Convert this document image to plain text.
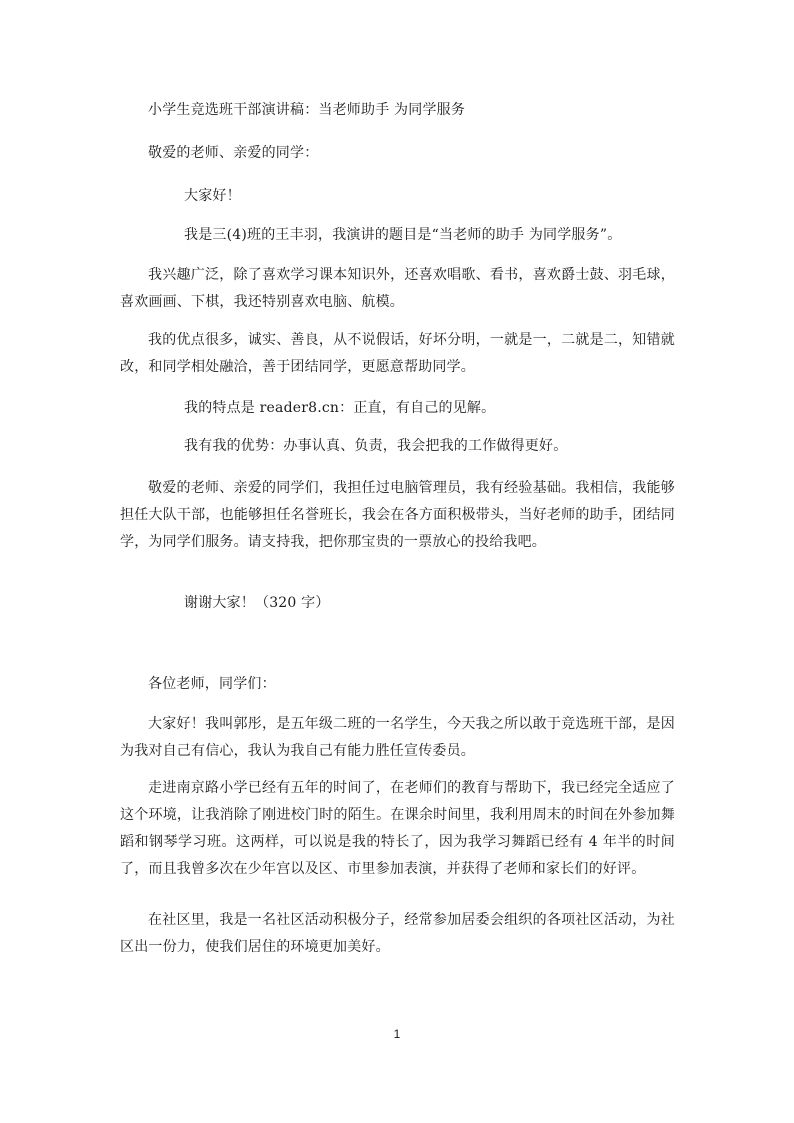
小学生竞选班干部演讲稿：当老师助手 为同学服务
敬爱的老师、亲爱的同学：
大家好！
我是三(4)班的王丰羽，我演讲的题目是“当老师的助手 为同学服务”。
我兴趣广泛，除了喜欢学习课本知识外，还喜欢唱歌、看书，喜欢爵士鼓、羽毛球，喜欢画画、下棋，我还特别喜欢电脑、航模。
我的优点很多，诚实、善良，从不说假话，好坏分明，一就是一，二就是二，知错就改，和同学相处融洽，善于团结同学，更愿意帮助同学。
我的特点是 reader8.cn：正直，有自己的见解。
我有我的优势：办事认真、负责，我会把我的工作做得更好。
敬爱的老师、亲爱的同学们，我担任过电脑管理员，我有经验基础。我相信，我能够担任大队干部，也能够担任名誉班长，我会在各方面积极带头，当好老师的助手，团结同学，为同学们服务。请支持我，把你那宝贵的一票放心的投给我吧。
谢谢大家！（320 字）
各位老师，同学们：
大家好！我叫郭彤，是五年级二班的一名学生，今天我之所以敢于竞选班干部，是因为我对自己有信心，我认为我自己有能力胜任宣传委员。
走进南京路小学已经有五年的时间了，在老师们的教育与帮助下，我已经完全适应了这个环境，让我消除了刚进校门时的陌生。在课余时间里，我利用周末的时间在外参加舞蹈和钢琴学习班。这两样，可以说是我的特长了，因为我学习舞蹈已经有 4 年半的时间了，而且我曾多次在少年宫以及区、市里参加表演，并获得了老师和家长们的好评。
在社区里，我是一名社区活动积极分子，经常参加居委会组织的各项社区活动，为社区出一份力，使我们居住的环境更加美好。
1
